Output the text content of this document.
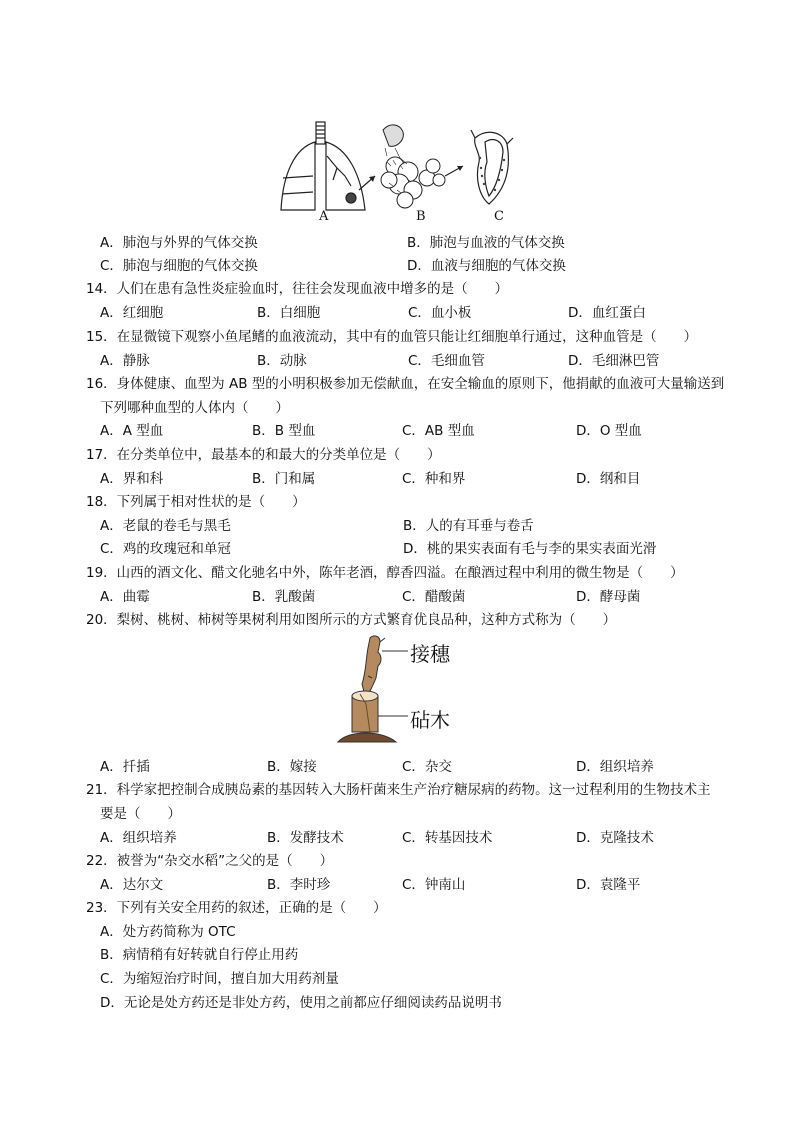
A	B	C
A．肺泡与外界的气体交换	B．肺泡与血液的气体交换
C．肺泡与细胞的气体交换	D．血液与细胞的气体交换
14．人们在患有急性炎症验血时，往往会发现血液中增多的是（　　）
A．红细胞	B．白细胞	C．血小板	D．血红蛋白
15．在显微镜下观察小鱼尾鳍的血液流动，其中有的血管只能让红细胞单行通过，这种血管是（　　）
A．静脉	B．动脉	C．毛细血管	D．毛细淋巴管
16．身体健康、血型为 AB 型的小明积极参加无偿献血，在安全输血的原则下，他捐献的血液可大量输送到
下列哪种血型的人体内（　　）
A．A 型血	B．B 型血	C．AB 型血	D．O 型血
17．在分类单位中，最基本的和最大的分类单位是（　　）
A．界和科	B．门和属	C．种和界	D．纲和目
18．下列属于相对性状的是（　　）
A．老鼠的卷毛与黑毛	B．人的有耳垂与卷舌
C．鸡的玫瑰冠和单冠	D．桃的果实表面有毛与李的果实表面光滑
19．山西的酒文化、醋文化驰名中外，陈年老酒，醇香四溢。在酿酒过程中利用的微生物是（　　）
A．曲霉	B．乳酸菌	C．醋酸菌	D．酵母菌
20．梨树、桃树、柿树等果树利用如图所示的方式繁育优良品种，这种方式称为（　　）
接穗
砧木
A．扦插	B．嫁接	C．杂交	D．组织培养
21．科学家把控制合成胰岛素的基因转入大肠杆菌来生产治疗糖尿病的药物。这一过程利用的生物技术主
要是（　　）
A．组织培养	B．发酵技术	C．转基因技术	D．克隆技术
22．被誉为“杂交水稻”之父的是（　　）
A．达尔文	B．李时珍	C．钟南山	D．袁隆平
23．下列有关安全用药的叙述，正确的是（　　）
A．处方药简称为 OTC
B．病情稍有好转就自行停止用药
C．为缩短治疗时间，擅自加大用药剂量
D．无论是处方药还是非处方药，使用之前都应仔细阅读药品说明书
